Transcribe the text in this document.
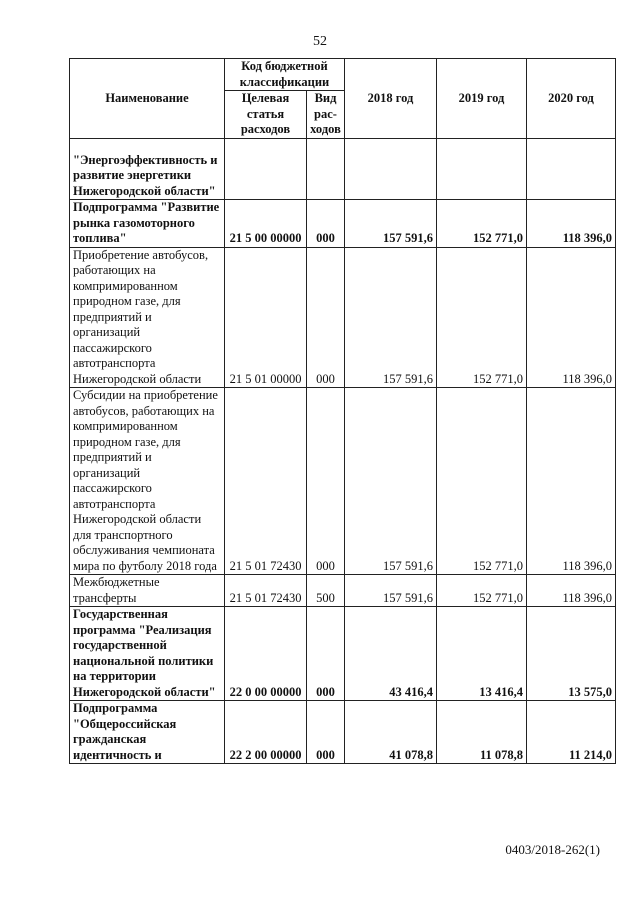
52
Наименование	Код бюджетной классификации		2018 год	2019 год	2020 год
	Целевая статья расходов	Вид рас-ходов			
"Энергоэффективность и развитие энергетики Нижегородской области"					
Подпрограмма "Развитие рынка газомоторного топлива"	21 5 00 00000	000	157 591,6	152 771,0	118 396,0
Приобретение автобусов, работающих на компримированном природном газе, для предприятий и организаций пассажирского автотранспорта Нижегородской области	21 5 01 00000	000	157 591,6	152 771,0	118 396,0
Субсидии на приобретение автобусов, работающих на компримированном природном газе, для предприятий и организаций пассажирского автотранспорта Нижегородской области для транспортного обслуживания чемпионата мира по футболу 2018 года	21 5 01 72430	000	157 591,6	152 771,0	118 396,0
Межбюджетные трансферты	21 5 01 72430	500	157 591,6	152 771,0	118 396,0
Государственная программа "Реализация государственной национальной политики на территории Нижегородской области"	22 0 00 00000	000	43 416,4	13 416,4	13 575,0
Подпрограмма "Общероссийская гражданская идентичность и	22 2 00 00000	000	41 078,8	11 078,8	11 214,0
0403/2018-262(1)
